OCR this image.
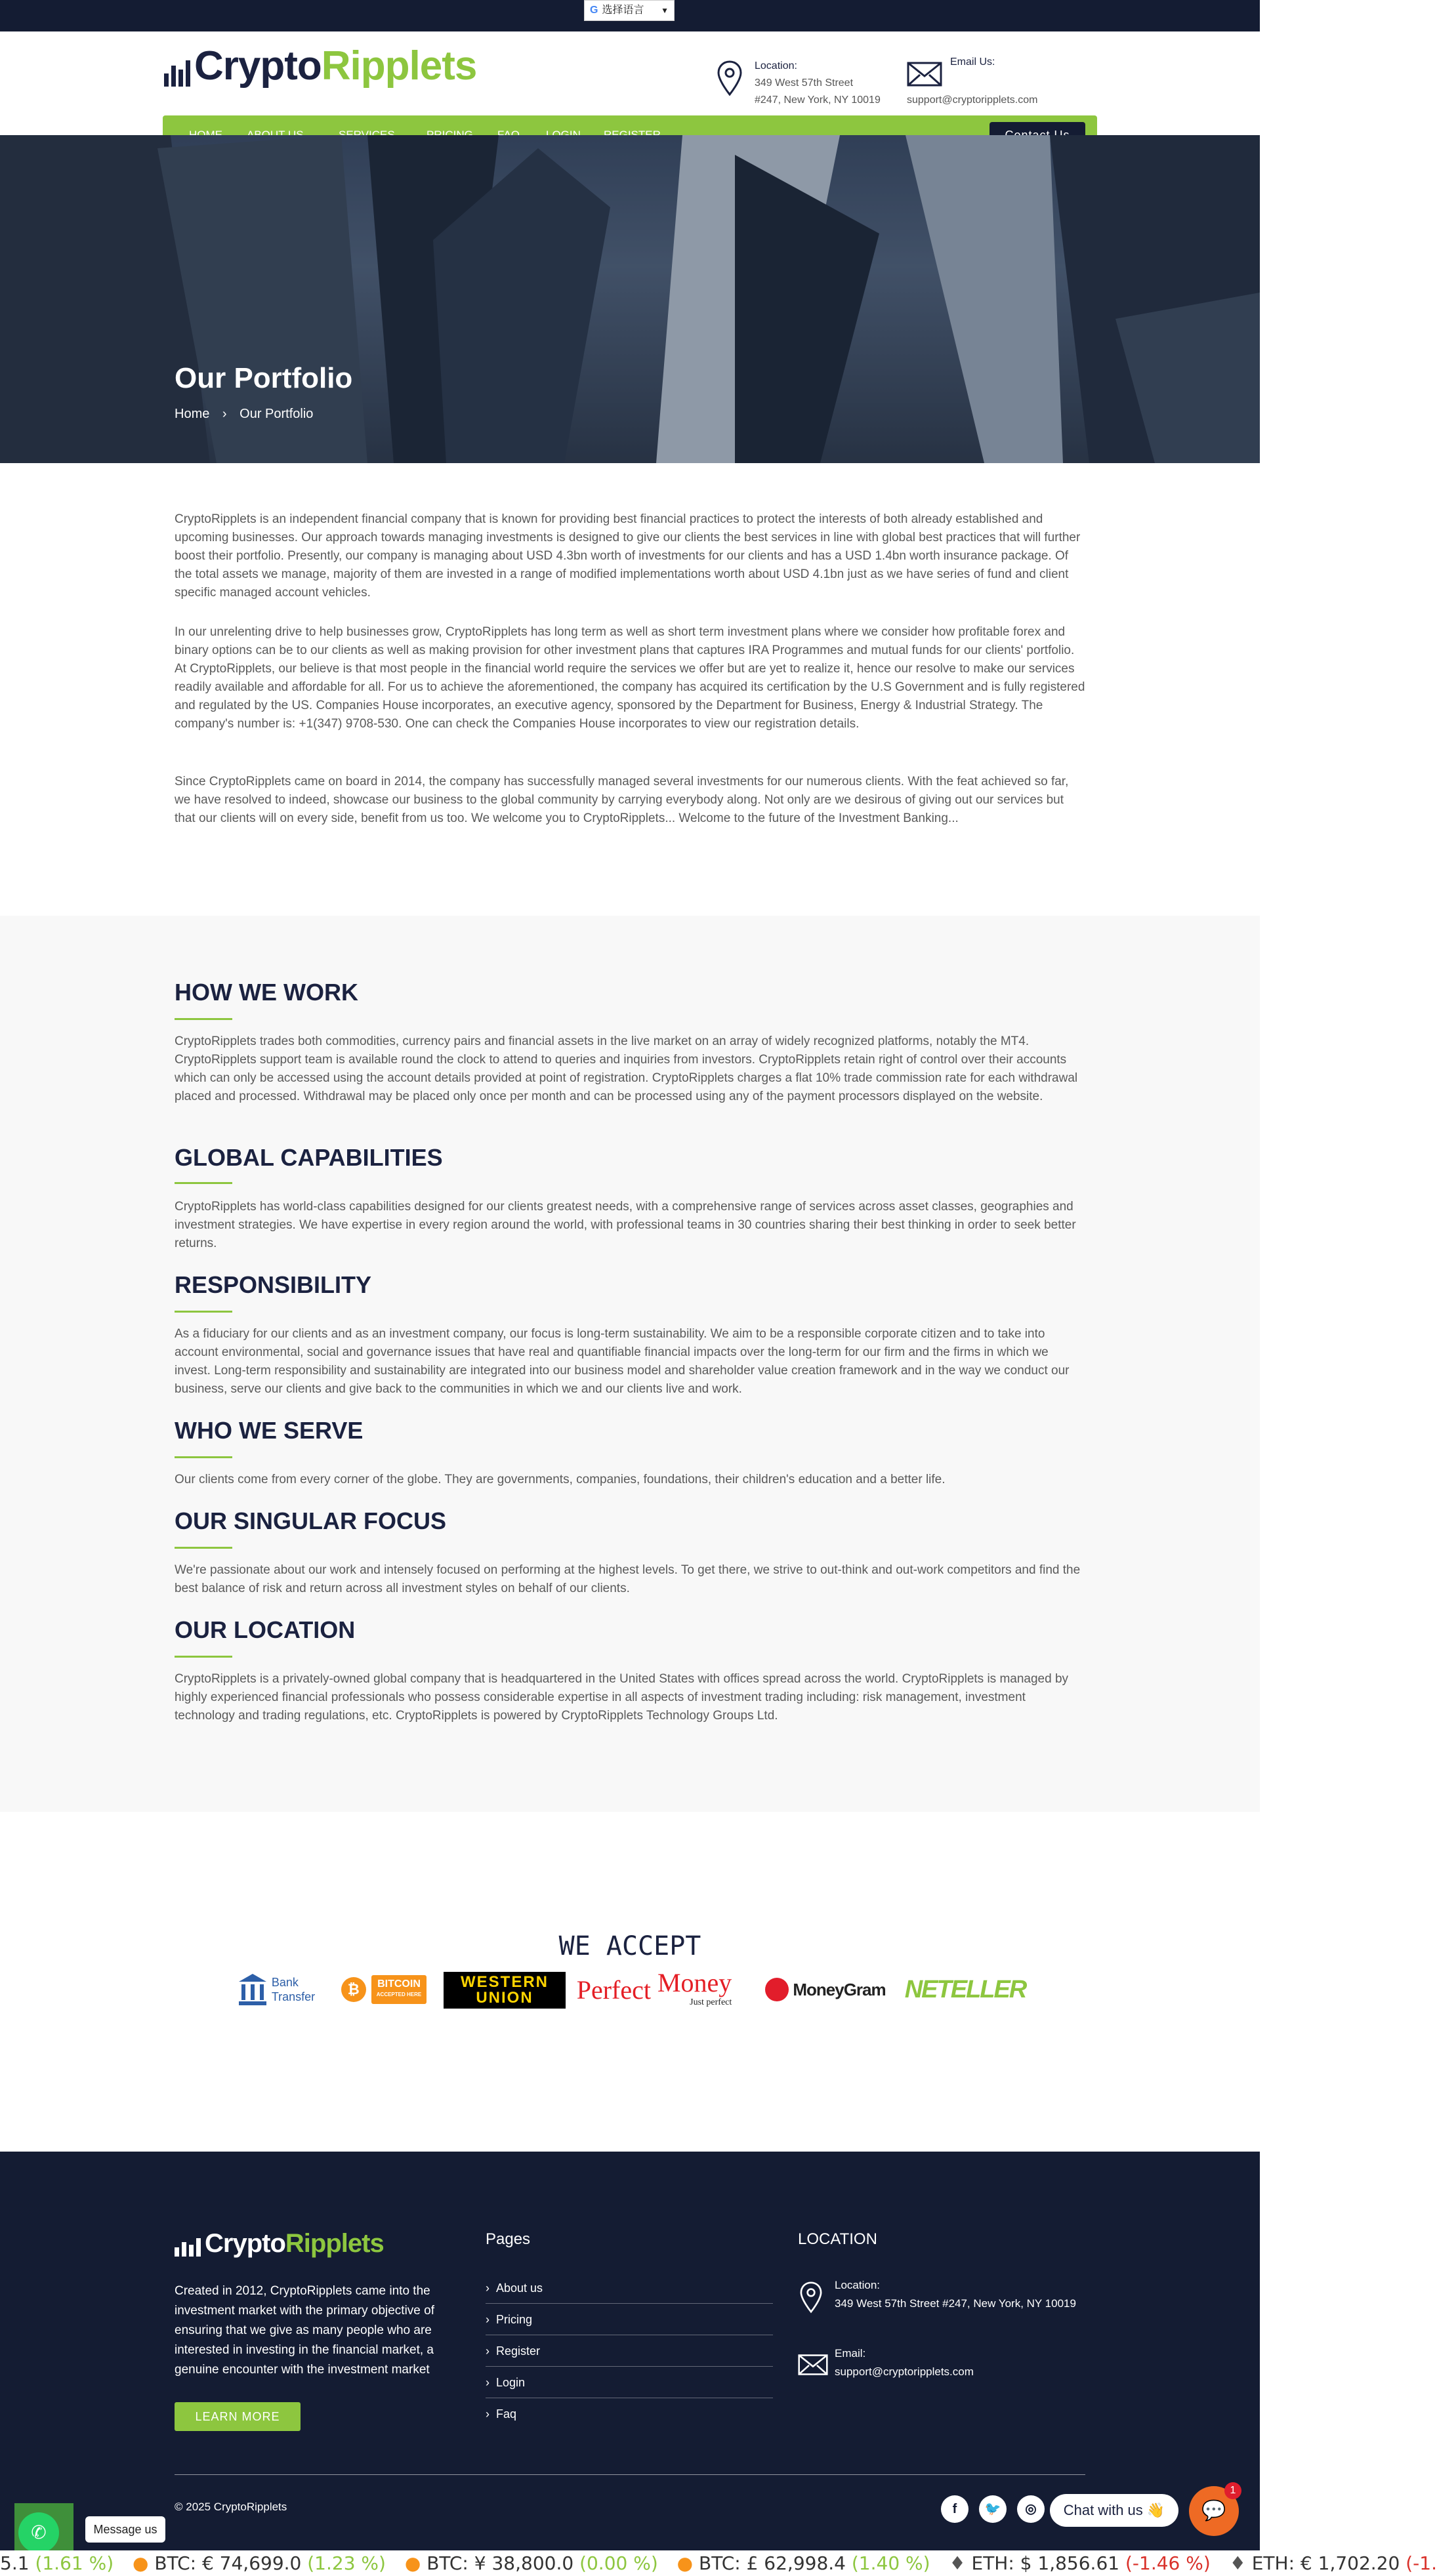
G 选择语言 ▼
CryptoRipplets	Location:
349 West 57th Street
#247, New York, NY 10019
Email Us:
support@cryptoripplets.com
Our Portfolio
Home › Our Portfolio

CryptoRipplets is an independent financial company that is known for providing best financial practices to protect the interests of both already established and upcoming businesses. Our approach towards managing investments is designed to give our clients the best services in line with global best practices that will further boost their portfolio. Presently, our company is managing about USD 4.3bn worth of investments for our clients and has a USD 1.4bn worth insurance package. Of the total assets we manage, majority of them are invested in a range of modified implementations worth about USD 4.1bn just as we have series of fund and client specific managed account vehicles.

In our unrelenting drive to help businesses grow, CryptoRipplets has long term as well as short term investment plans where we consider how profitable forex and binary options can be to our clients as well as making provision for other investment plans that captures IRA Programmes and mutual funds for our clients' portfolio. At CryptoRipplets, our believe is that most people in the financial world require the services we offer but are yet to realize it, hence our resolve to make our services readily available and affordable for all. For us to achieve the aforementioned, the company has acquired its certification by the U.S Government and is fully registered and regulated by the US. Companies House incorporates, an executive agency, sponsored by the Department for Business, Energy & Industrial Strategy. The company's number is: +1(347) 9708-530. One can check the Companies House incorporates to view our registration details.

Since CryptoRipplets came on board in 2014, the company has successfully managed several investments for our numerous clients. With the feat achieved so far, we have resolved to indeed, showcase our business to the global community by carrying everybody along. Not only are we desirous of giving out our services but that our clients will on every side, benefit from us too. We welcome you to CryptoRipplets... Welcome to the future of the Investment Banking...

HOW WE WORK

CryptoRipplets trades both commodities, currency pairs and financial assets in the live market on an array of widely recognized platforms, notably the MT4. CryptoRipplets support team is available round the clock to attend to queries and inquiries from investors. CryptoRipplets retain right of control over their accounts which can only be accessed using the account details provided at point of registration. CryptoRipplets charges a flat 10% trade commission rate for each withdrawal placed and processed. Withdrawal may be placed only once per month and can be processed using any of the payment processors displayed on the website.

GLOBAL CAPABILITIES

CryptoRipplets has world-class capabilities designed for our clients greatest needs, with a comprehensive range of services across asset classes, geographies and investment strategies. We have expertise in every region around the world, with professional teams in 30 countries sharing their best thinking in order to seek better returns.

RESPONSIBILITY

As a fiduciary for our clients and as an investment company, our focus is long-term sustainability. We aim to be a responsible corporate citizen and to take into account environmental, social and governance issues that have real and quantifiable financial impacts over the long-term for our firm and the firms in which we invest. Long-term responsibility and sustainability are integrated into our business model and shareholder value creation framework and in the way we conduct our business, serve our clients and give back to the communities in which we and our clients live and work.

WHO WE SERVE

Our clients come from every corner of the globe. They are governments, companies, foundations, their children's education and a better life.

OUR SINGULAR FOCUS

We're passionate about our work and intensely focused on performing at the highest levels. To get there, we strive to out-think and out-work competitors and find the best balance of risk and return across all investment styles on behalf of our clients.

OUR LOCATION

CryptoRipplets is a privately-owned global company that is headquartered in the United States with offices spread across the world. CryptoRipplets is managed by highly experienced financial professionals who possess considerable expertise in all aspects of investment trading including: risk management, investment technology and trading regulations, etc. CryptoRipplets is powered by CryptoRipplets Technology Groups Ltd.

WE ACCEPT
Bank
Transfer	₿	BITCOIN
ACCEPTED HERE
WESTERN
UNION Perfect Money
Just perfect
MoneyGram NETELLER
CryptoRipplets

Created in 2012, CryptoRipplets came into the investment market with the primary objective of ensuring that we give as many people who are interested in investing in the financial market, a genuine encounter with the investment market

LEARN MORE
Pages
› About us
› Pricing
› Register
› Login
› Faq
LOCATION
Location:
349 West 57th Street #247, New York, NY 10019
Email:
support@cryptoripplets.com
© 2025 CryptoRipplets	f	🐦	◎	Chat with us 👋	💬
1
✆	Message us
5.1 (1.61 %) ● BTC: € 74,699.0 (1.23 %) ● BTC: ¥ 38,800.0 (0.00 %) ● BTC: £ 62,998.4 (1.40 %) ♦ ETH: $ 1,856.61 (-1.46 %) ♦ ETH: € 1,702.20 (-1.
